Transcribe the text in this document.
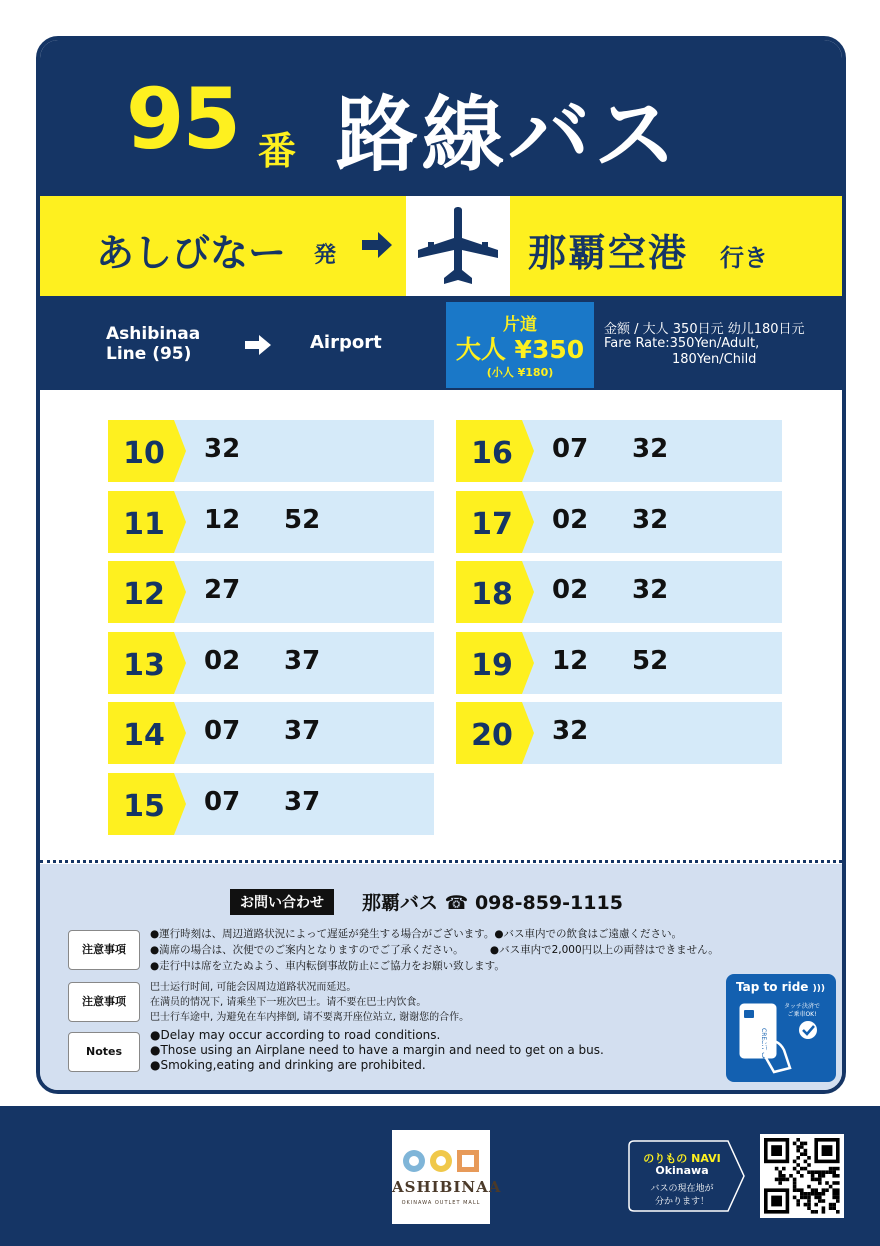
95 番 路線バス
あしびなー 発	那覇空港 行き
Ashibinaa
Line (95)
Airport
片道
大人 ¥350
(小人 ¥180)
金额 / 大人 350日元 幼儿180日元
Fare Rate:350Yen/Adult,
180Yen/Child
10 32
11 12 52
12 27
13 02 37
14 07 37
15 07 37
16 07 32
17 02 32
18 02 32
19 12 52
20 32
お問い合わせ	那覇バス ☎ 098-859-1115
注意事項
●運行時刻は、周辺道路状況によって遅延が発生する場合がございます。●バス車内での飲食はご遠慮ください。
●満席の場合は、次便でのご案内となりますのでご了承ください。　　　●バス車内で2,000円以上の両替はできません。
●走行中は席を立たぬよう、車内転倒事故防止にご協力をお願い致します。
注意事项
巴士运行时间, 可能会因周边道路状况而延迟。
在满员的情况下, 请乘坐下一班次巴士。请不要在巴士内饮食。
巴士行车途中, 为避免在车内摔倒, 请不要离开座位站立, 谢谢您的合作。
Notes
●Delay may occur according to road conditions.
●Those using an Airplane need to have a margin and need to get on a bus.
●Smoking,eating and drinking are prohibited.
Tap to ride )))
CREDIT CARD
タッチ決済で
ご乗車OK!
ASHIBINAA
OKINAWA OUTLET MALL
のりもの NAVI
Okinawa
バスの現在地が
分かります！
